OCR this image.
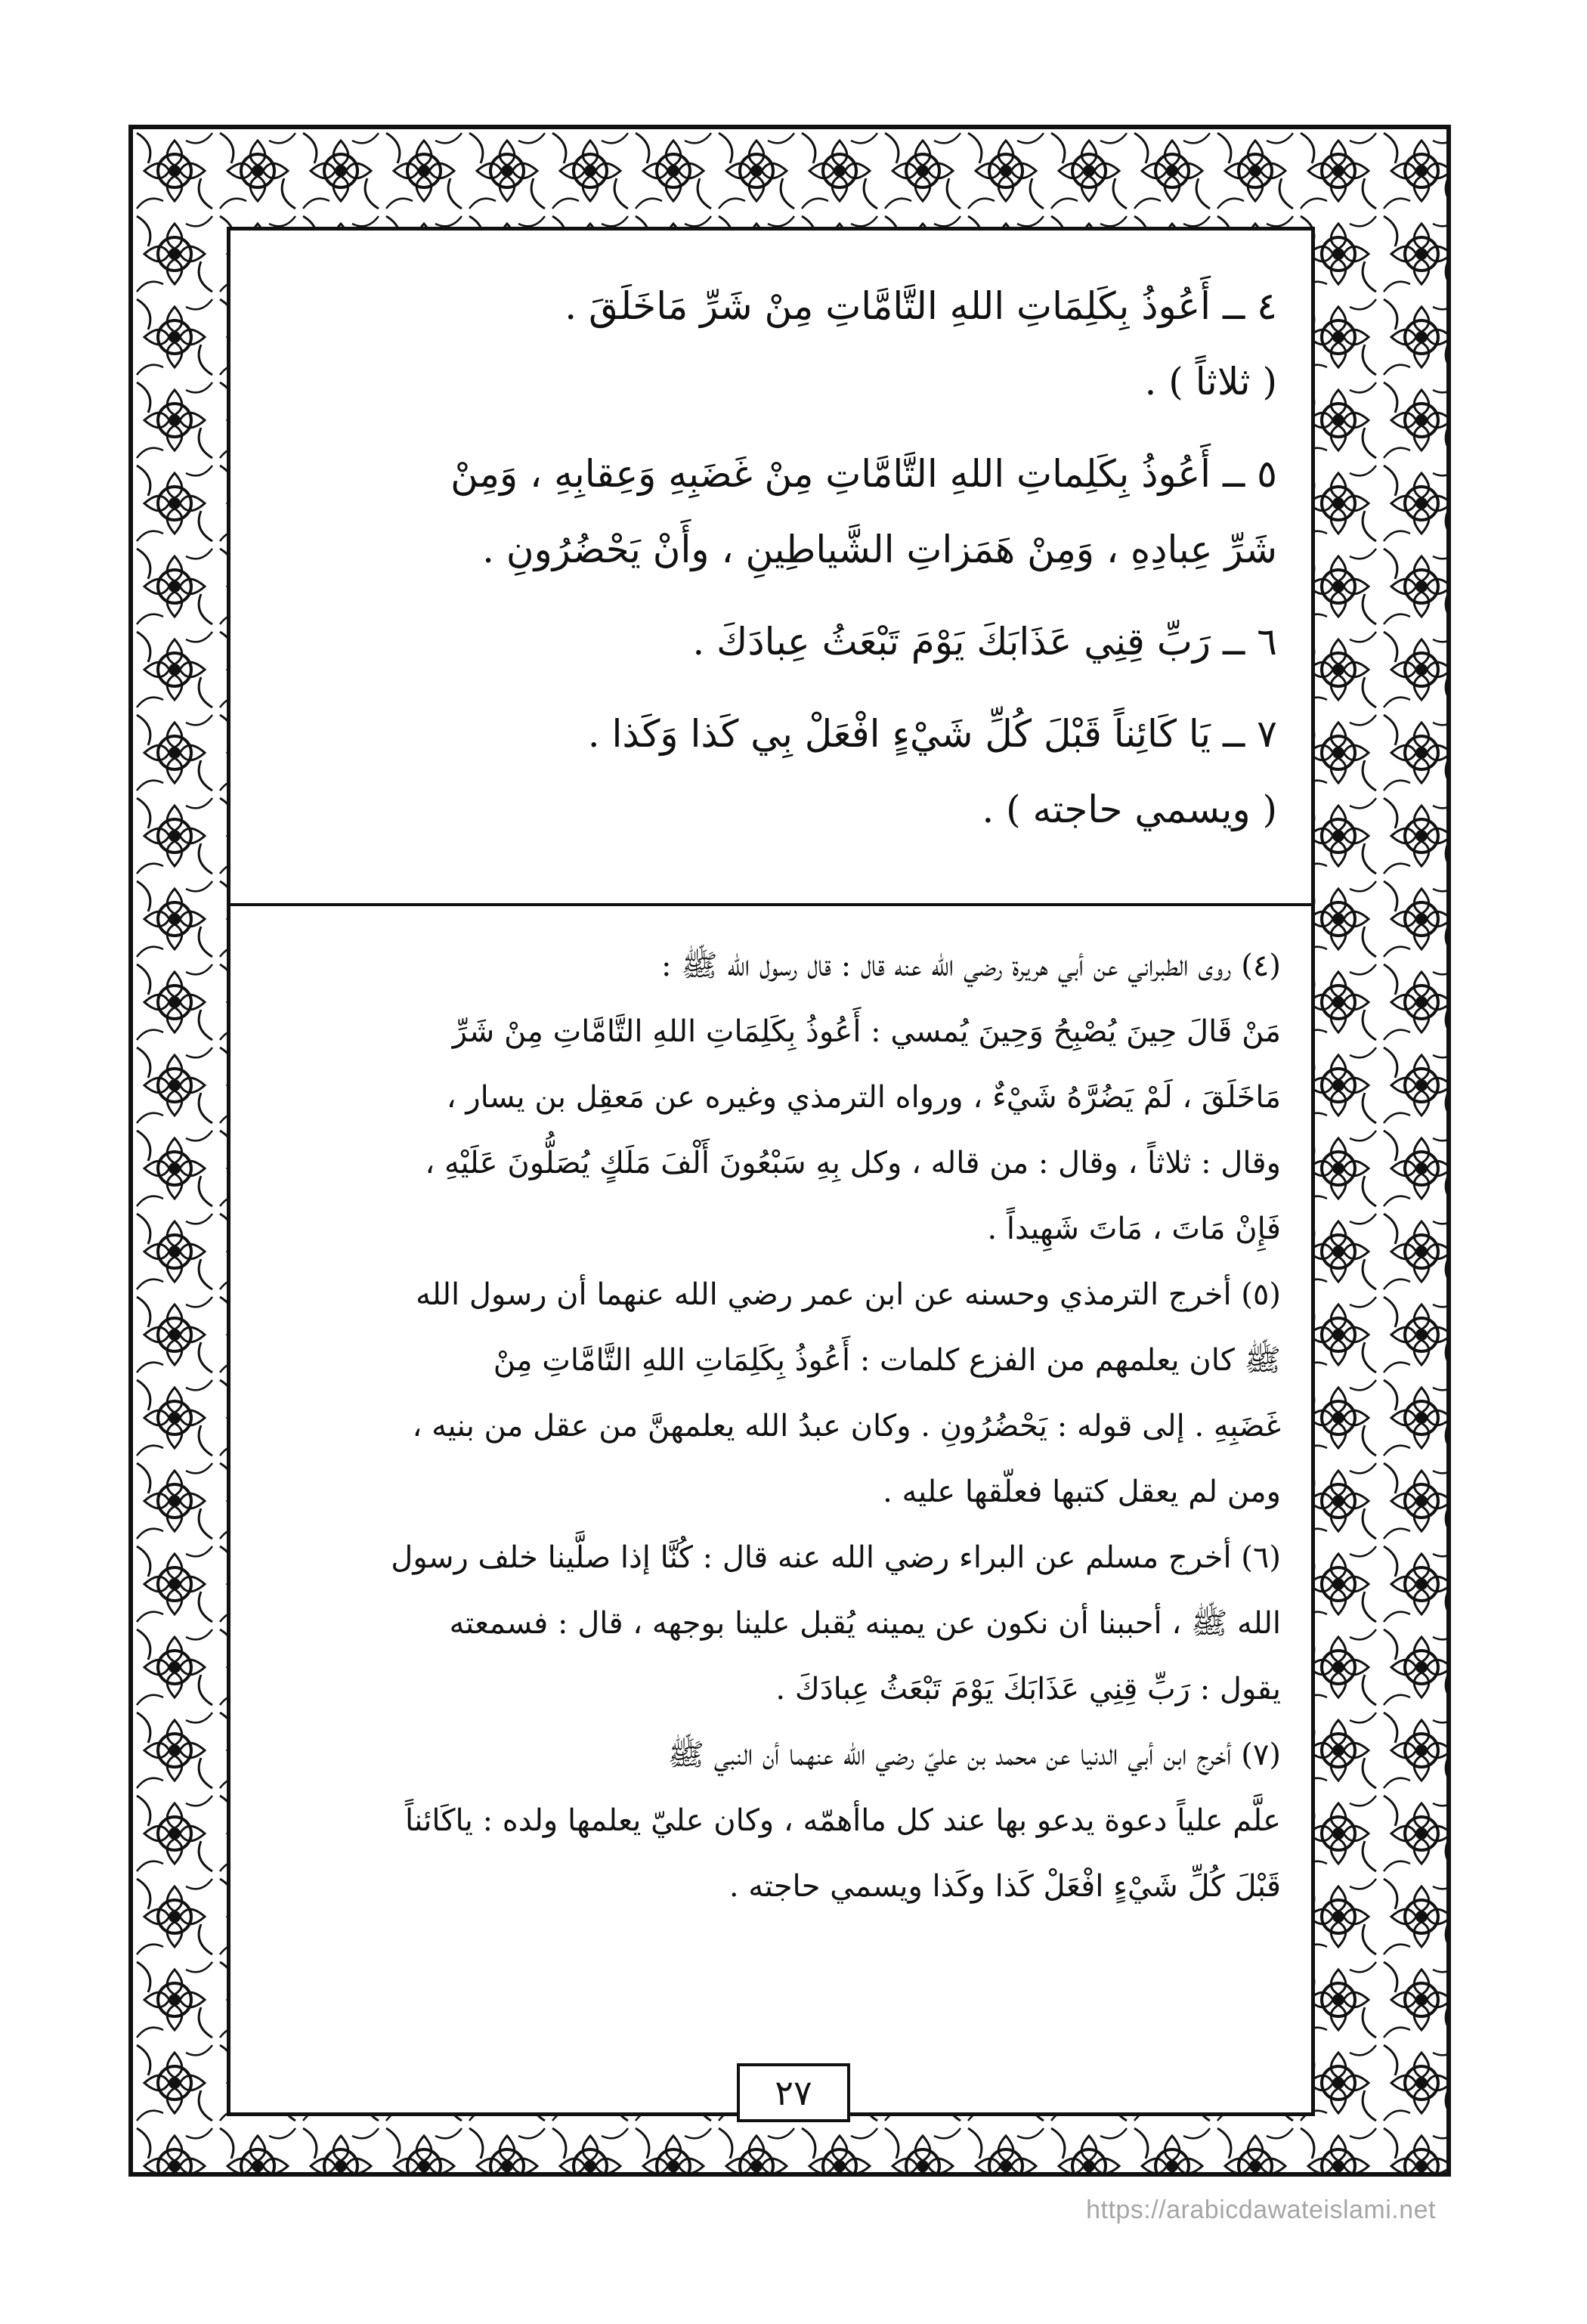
٤ ــ أَعُوذُ بِكَلِمَاتِ اللهِ التَّامَّاتِ مِنْ شَرِّ مَاخَلَقَ .
( ثلاثاً ) .

٥ ــ أَعُوذُ بِكَلِماتِ اللهِ التَّامَّاتِ مِنْ غَضَبِهِ وَعِقابِهِ ، وَمِنْ
شَرِّ عِبادِهِ ، وَمِنْ هَمَزاتِ الشَّياطِينِ ، وأَنْ يَحْضُرُونِ .

٦ ــ رَبِّ قِنِي عَذَابَكَ يَوْمَ تَبْعَثُ عِبادَكَ .

٧ ــ يَا كَائِناً قَبْلَ كُلِّ شَيْءٍ افْعَلْ بِي كَذا وَكَذا .
( ويسمي حاجته ) .

(٤) روى الطبراني عن أبي هريرة رضي الله عنه قال : قال رسول الله ﷺ :
مَنْ قَالَ حِينَ يُصْبِحُ وَحِينَ يُمسي : أَعُوذُ بِكَلِمَاتِ اللهِ التَّامَّاتِ مِنْ شَرِّ
مَاخَلَقَ ، لَمْ يَضُرَّهُ شَيْءٌ ، ورواه الترمذي وغيره عن مَعقِل بن يسار ،
وقال : ثلاثاً ، وقال : من قاله ، وكل بِهِ سَبْعُونَ أَلْفَ مَلَكٍ يُصَلُّونَ عَلَيْهِ ،
فَإِنْ مَاتَ ، مَاتَ شَهِيداً .

(٥) أخرج الترمذي وحسنه عن ابن عمر رضي الله عنهما أن رسول الله
ﷺ كان يعلمهم من الفزع كلمات : أَعُوذُ بِكَلِمَاتِ اللهِ التَّامَّاتِ مِنْ
غَضَبِهِ . إلى قوله : يَحْضُرُونِ . وكان عبدُ الله يعلمهنَّ من عقل من بنيه ،
ومن لم يعقل كتبها فعلّقها عليه .

(٦) أخرج مسلم عن البراء رضي الله عنه قال : كُنَّا إذا صلَّينا خلف رسول
الله ﷺ ، أحببنا أن نكون عن يمينه يُقبل علينا بوجهه ، قال : فسمعته
يقول : رَبِّ قِنِي عَذَابَكَ يَوْمَ تَبْعَثُ عِبادَكَ .

(٧) أخرج ابن أبي الدنيا عن محمد بن عليّ رضي الله عنهما أن النبي ﷺ
علَّم علياً دعوة يدعو بها عند كل ماأهمّه ، وكان عليّ يعلمها ولده : ياكَائناً
قَبْلَ كُلِّ شَيْءٍ افْعَلْ كَذا وكَذا ويسمي حاجته .

٢٧
https://arabicdawateislami.net
